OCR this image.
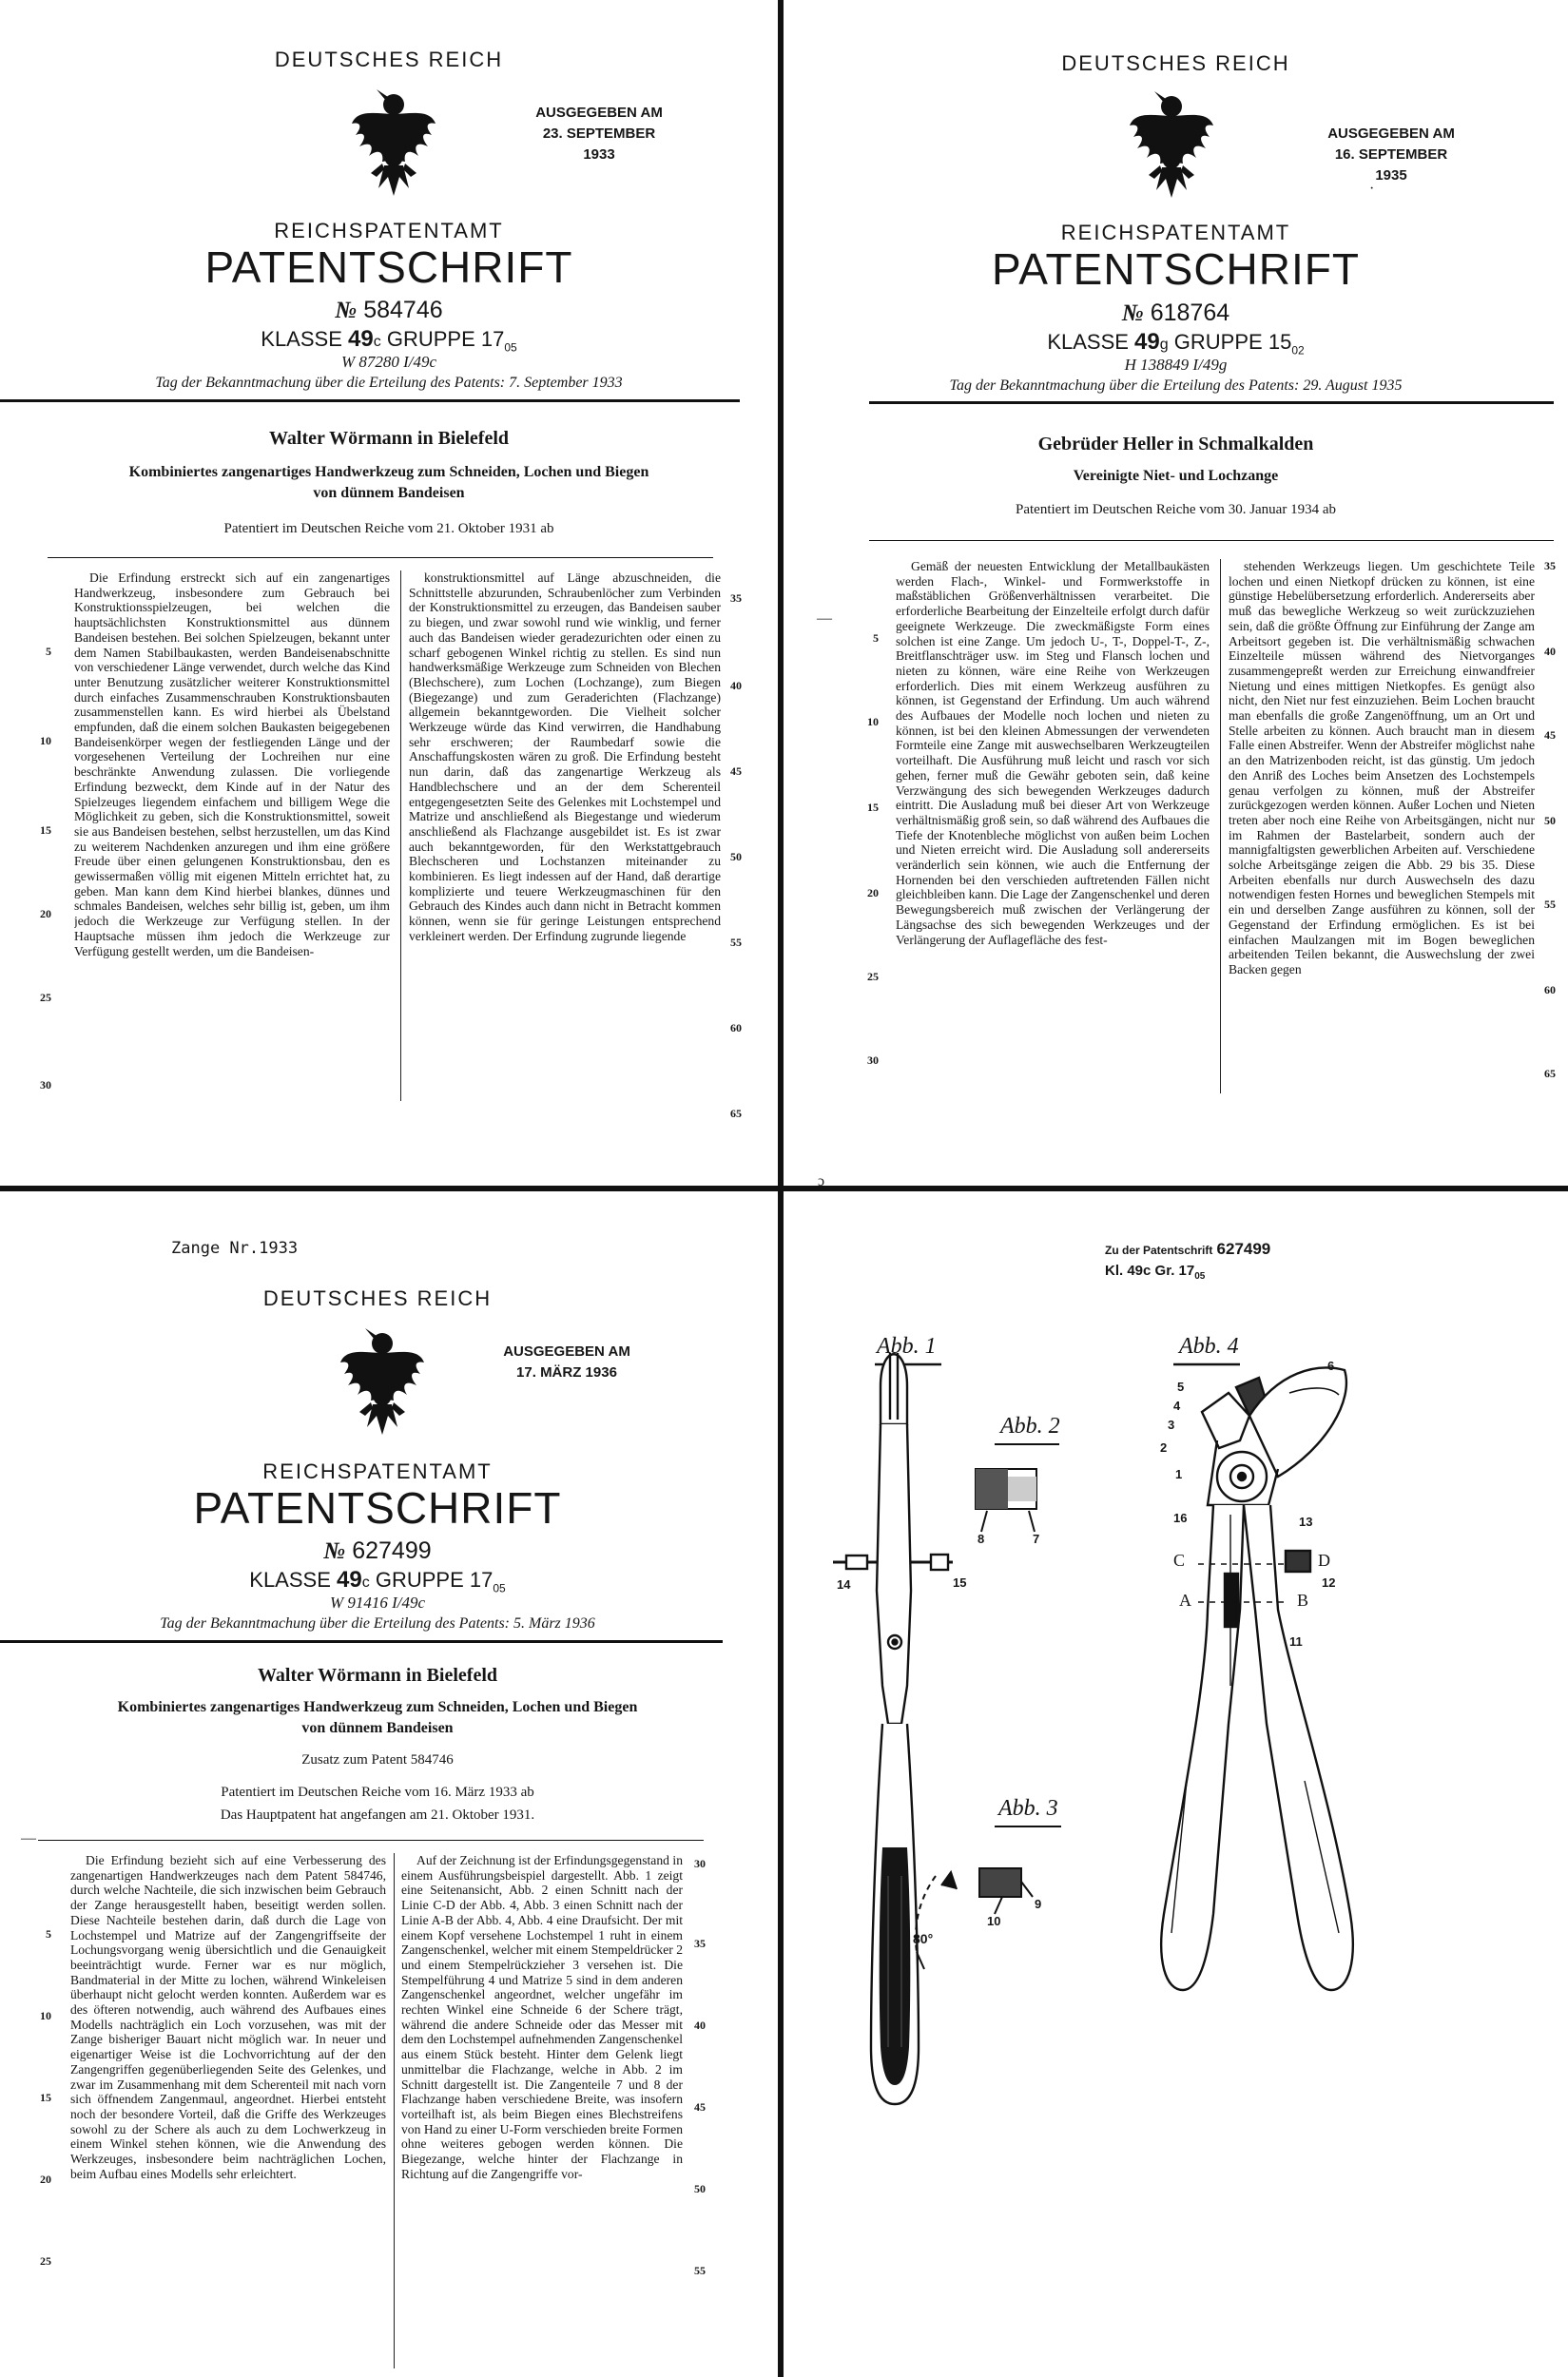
DEUTSCHES REICH
AUSGEGEBEN AM
23. SEPTEMBER 1933
REICHSPATENTAMT
PATENTSCHRIFT
№ 584746
KLASSE 49c GRUPPE $17_{05}$
W 87280 I/49c
Tag der Bekanntmachung über die Erteilung des Patents: 7. September 1933
Walter Wörmann in Bielefeld
Kombiniertes zangenartiges Handwerkzeug zum Schneiden, Lochen und Biegen
von dünnem Bandeisen
Patentiert im Deutschen Reiche vom 21. Oktober 1931 ab

Die Erfindung erstreckt sich auf ein zangenartiges Handwerkzeug, insbesondere zum Gebrauch bei Konstruktionsspielzeugen, bei welchen die hauptsächlichsten Konstruktionsmittel aus dünnem Bandeisen bestehen. Bei solchen Spielzeugen, bekannt unter dem Namen Stabilbaukasten, werden Bandeisenabschnitte von verschiedener Länge verwendet, durch welche das Kind unter Benutzung zusätzlicher weiterer Konstruktionsmittel durch einfaches Zusammenschrauben Konstruktionsbauten zusammenstellen kann. Es wird hierbei als Übelstand empfunden, daß die einem solchen Baukasten beigegebenen Bandeisenkörper wegen der festliegenden Länge und der vorgesehenen Verteilung der Lochreihen nur eine beschränkte Anwendung zulassen. Die vorliegende Erfindung bezweckt, dem Kinde auf in der Natur des Spielzeuges liegendem einfachem und billigem Wege die Möglichkeit zu geben, sich die Konstruktionsmittel, soweit sie aus Bandeisen bestehen, selbst herzustellen, um das Kind zu weiterem Nachdenken anzuregen und ihm eine größere Freude über einen gelungenen Konstruktionsbau, den es gewissermaßen völlig mit eigenen Mitteln errichtet hat, zu geben. Man kann dem Kind hierbei blankes, dünnes und schmales Bandeisen, welches sehr billig ist, geben, um ihm jedoch die Werkzeuge zur Verfügung stellen. In der Hauptsache müssen ihm jedoch die Werkzeuge zur Verfügung gestellt werden, um die Bandeisen-

konstruktionsmittel auf Länge abzuschneiden, die Schnittstelle abzurunden, Schraubenlöcher zum Verbinden der Konstruktionsmittel zu erzeugen, das Bandeisen sauber zu biegen, und zwar sowohl rund wie winklig, und ferner auch das Bandeisen wieder geradezurichten oder einen zu scharf gebogenen Winkel richtig zu stellen. Es sind nun handwerksmäßige Werkzeuge zum Schneiden von Blechen (Blechschere), zum Lochen (Lochzange), zum Biegen (Biegezange) und zum Geraderichten (Flachzange) allgemein bekanntgeworden. Die Vielheit solcher Werkzeuge würde das Kind verwirren, die Handhabung sehr erschweren; der Raumbedarf sowie die Anschaffungskosten wären zu groß. Die Erfindung besteht nun darin, daß das zangenartige Werkzeug als Handblechschere und an der dem Scherenteil entgegengesetzten Seite des Gelenkes mit Lochstempel und Matrize und anschließend als Biegestange und wiederum anschließend als Flachzange ausgebildet ist. Es ist zwar auch bekanntgeworden, für den Werkstattgebrauch Blechscheren und Lochstanzen miteinander zu kombinieren. Es liegt indessen auf der Hand, daß derartige komplizierte und teuere Werkzeugmaschinen für den Gebrauch des Kindes auch dann nicht in Betracht kommen können, wenn sie für geringe Leistungen entsprechend verkleinert werden. Der Erfindung zugrunde liegende

5
10
15
20
25
30
35
40
45
50
55
60
65
DEUTSCHES REICH
AUSGEGEBEN AM
16. SEPTEMBER 1935
·
REICHSPATENTAMT
PATENTSCHRIFT
№ 618764
KLASSE 49g GRUPPE $15_{02}$
H 138849 I/49g
Tag der Bekanntmachung über die Erteilung des Patents: 29. August 1935
Gebrüder Heller in Schmalkalden
Vereinigte Niet- und Lochzange
Patentiert im Deutschen Reiche vom 30. Januar 1934 ab
—

Gemäß der neuesten Entwicklung der Metallbaukästen werden Flach-, Winkel- und Formwerkstoffe in maßstäblichen Größenverhältnissen verarbeitet. Die erforderliche Bearbeitung der Einzelteile erfolgt durch dafür geeignete Werkzeuge. Die zweckmäßigste Form eines solchen ist eine Zange. Um jedoch U-, T-, Doppel-T-, Z-, Breitflanschträger usw. im Steg und Flansch lochen und nieten zu können, wäre eine Reihe von Werkzeugen erforderlich. Dies mit einem Werkzeug ausführen zu können, ist Gegenstand der Erfindung. Um auch während des Aufbaues der Modelle noch lochen und nieten zu können, ist bei den kleinen Abmessungen der verwendeten Formteile eine Zange mit auswechselbaren Werkzeugteilen vorteilhaft. Die Ausführung muß leicht und rasch vor sich gehen, ferner muß die Gewähr geboten sein, daß keine Verzwängung des sich bewegenden Werkzeuges dadurch eintritt. Die Ausladung muß bei dieser Art von Werkzeuge verhältnismäßig groß sein, so daß während des Aufbaues die Tiefe der Knotenbleche möglichst von außen beim Lochen und Nieten erreicht wird. Die Ausladung soll andererseits veränderlich sein können, wie auch die Entfernung der Hornenden bei den verschieden auftretenden Fällen nicht gleichbleiben kann. Die Lage der Zangenschenkel und deren Bewegungsbereich muß zwischen der Verlängerung der Längsachse des sich bewegenden Werkzeuges und der Verlängerung der Auflagefläche des fest-

stehenden Werkzeugs liegen. Um geschichtete Teile lochen und einen Nietkopf drücken zu können, ist eine günstige Hebelübersetzung erforderlich. Andererseits aber muß das bewegliche Werkzeug so weit zurückzuziehen sein, daß die größte Öffnung zur Einführung der Zange am Arbeitsort gegeben ist. Die verhältnismäßig schwachen Einzelteile müssen während des Nietvorganges zusammengepreßt werden zur Erreichung einwandfreier Nietung und eines mittigen Nietkopfes. Es genügt also nicht, den Niet nur fest einzuziehen. Beim Lochen braucht man ebenfalls die große Zangenöffnung, um an Ort und Stelle arbeiten zu können. Auch braucht man in diesem Falle einen Abstreifer. Wenn der Abstreifer möglichst nahe an den Matrizenboden reicht, ist das günstig. Um jedoch den Anriß des Loches beim Ansetzen des Lochstempels genau verfolgen zu können, muß der Abstreifer zurückgezogen werden können. Außer Lochen und Nieten treten aber noch eine Reihe von Arbeitsgängen, nicht nur im Rahmen der Bastelarbeit, sondern auch der mannigfaltigsten gewerblichen Arbeiten auf. Verschiedene solche Arbeitsgänge zeigen die Abb. 29 bis 35. Diese Arbeiten ebenfalls nur durch Auswechseln des dazu notwendigen festen Hornes und beweglichen Stempels mit ein und derselben Zange ausführen zu können, soll der Gegenstand der Erfindung ermöglichen. Es ist bei einfachen Maulzangen mit im Bogen beweglichen arbeitenden Teilen bekannt, die Auswechslung der zwei Backen gegen

5
10
15
20
25
30
35
40
45
50
55
60
65
ɔ
Zange Nr.1933
DEUTSCHES REICH
AUSGEGEBEN AM
17. MÄRZ 1936
REICHSPATENTAMT
PATENTSCHRIFT
№ 627499
KLASSE 49c GRUPPE $17_{05}$
W 91416 I/49c
Tag der Bekanntmachung über die Erteilung des Patents: 5. März 1936
Walter Wörmann in Bielefeld
Kombiniertes zangenartiges Handwerkzeug zum Schneiden, Lochen und Biegen
von dünnem Bandeisen
Zusatz zum Patent 584746
Patentiert im Deutschen Reiche vom 16. März 1933 ab
Das Hauptpatent hat angefangen am 21. Oktober 1931.
—

Die Erfindung bezieht sich auf eine Verbesserung des zangenartigen Handwerkzeuges nach dem Patent 584746, durch welche Nachteile, die sich inzwischen beim Gebrauch der Zange herausgestellt haben, beseitigt werden sollen. Diese Nachteile bestehen darin, daß durch die Lage von Lochstempel und Matrize auf der Zangengriffseite der Lochungsvorgang wenig übersichtlich und die Genauigkeit beeinträchtigt wurde. Ferner war es nur möglich, Bandmaterial in der Mitte zu lochen, während Winkeleisen überhaupt nicht gelocht werden konnten. Außerdem war es des öfteren notwendig, auch während des Aufbaues eines Modells nachträglich ein Loch vorzusehen, was mit der Zange bisheriger Bauart nicht möglich war. In neuer und eigenartiger Weise ist die Lochvorrichtung auf der den Zangengriffen gegenüberliegenden Seite des Gelenkes, und zwar im Zusammenhang mit dem Scherenteil mit nach vorn sich öffnendem Zangenmaul, angeordnet. Hierbei entsteht noch der besondere Vorteil, daß die Griffe des Werkzeuges sowohl zu der Schere als auch zu dem Lochwerkzeug in einem Winkel stehen können, wie die Anwendung des Werkzeuges, insbesondere beim nachträglichen Lochen, beim Aufbau eines Modells sehr erleichtert.

Auf der Zeichnung ist der Erfindungsgegenstand in einem Ausführungsbeispiel dargestellt. Abb. 1 zeigt eine Seitenansicht, Abb. 2 einen Schnitt nach der Linie C-D der Abb. 4, Abb. 3 einen Schnitt nach der Linie A-B der Abb. 4, Abb. 4 eine Draufsicht. Der mit einem Kopf versehene Lochstempel 1 ruht in einem Zangenschenkel, welcher mit einem Stempeldrücker 2 und einem Stempelrückzieher 3 versehen ist. Die Stempelführung 4 und Matrize 5 sind in dem anderen Zangenschenkel angeordnet, welcher ungefähr im rechten Winkel eine Schneide 6 der Schere trägt, während die andere Schneide oder das Messer mit dem den Lochstempel aufnehmenden Zangenschenkel aus einem Stück besteht. Hinter dem Gelenk liegt unmittelbar die Flachzange, welche in Abb. 2 im Schnitt dargestellt ist. Die Zangenteile 7 und 8 der Flachzange haben verschiedene Breite, was insofern vorteilhaft ist, als beim Biegen eines Blechstreifens von Hand zu einer U-Form verschieden breite Formen ohne weiteres gebogen werden können. Die Biegezange, welche hinter der Flachzange in Richtung auf die Zangengriffe vor-

5
10
15
20
25
30
35
40
45
50
55
Zu der Patentschrift 627499
Kl. 49c Gr. $17_{05}$
Abb. 1
Abb. 2
Abb. 3
Abb. 4
80°
14	15
8	7
10
9
5
4
3
2
1
16
6
13
C	D
12
A	B
11
